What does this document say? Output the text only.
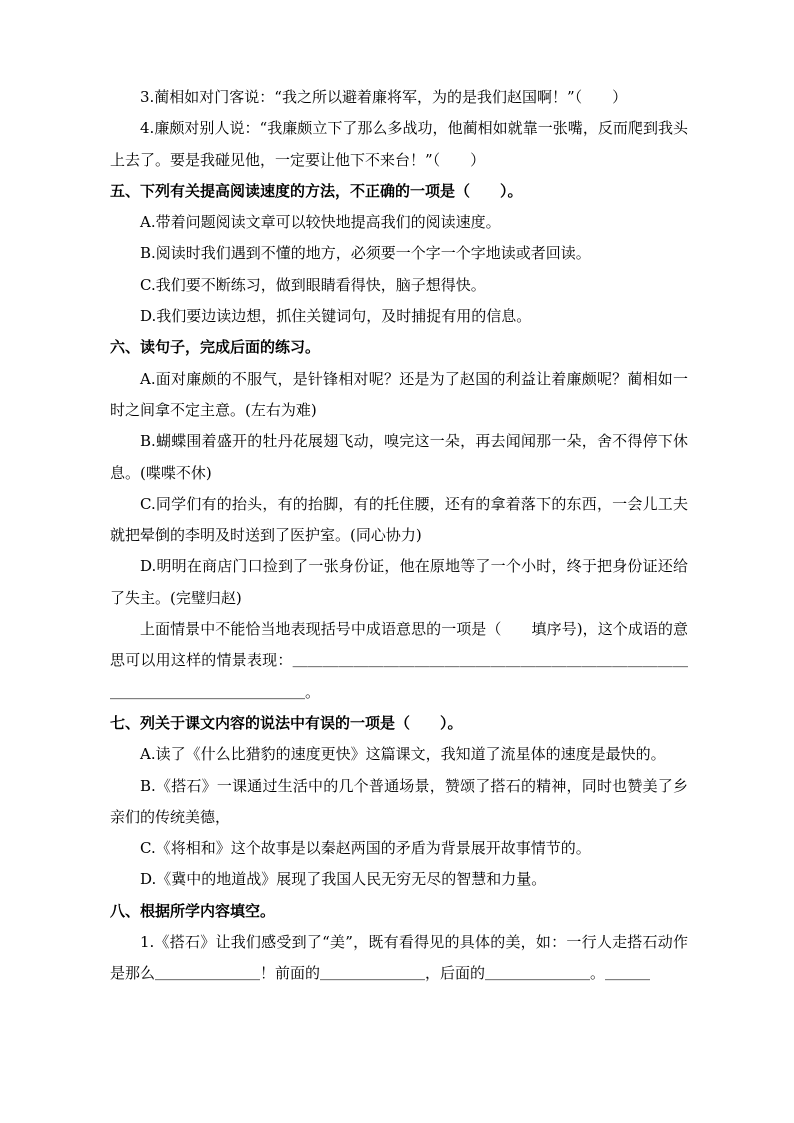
3.蔺相如对门客说：“我之所以避着廉将军，为的是我们赵国啊！”（　　）

4.廉颇对别人说：“我廉颇立下了那么多战功，他蔺相如就靠一张嘴，反而爬到我头上去了。要是我碰见他，一定要让他下不来台！”（　　）

五、下列有关提高阅读速度的方法，不正确的一项是（　　）。

A.带着问题阅读文章可以较快地提高我们的阅读速度。

B.阅读时我们遇到不懂的地方，必须要一个字一个字地读或者回读。

C.我们要不断练习，做到眼睛看得快，脑子想得快。

D.我们要边读边想，抓住关键词句，及时捕捉有用的信息。

六、读句子，完成后面的练习。

A.面对廉颇的不服气，是针锋相对呢？还是为了赵国的利益让着廉颇呢？蔺相如一时之间拿不定主意。(左右为难)

B.蝴蝶围着盛开的牡丹花展翅飞动，嗅完这一朵，再去闻闻那一朵，舍不得停下休息。(喋喋不休)

C.同学们有的抬头，有的抬脚，有的托住腰，还有的拿着落下的东西，一会儿工夫就把晕倒的李明及时送到了医护室。(同心协力)

D.明明在商店门口捡到了一张身份证，他在原地等了一个小时，终于把身份证还给了失主。(完璧归赵)

上面情景中不能恰当地表现括号中成语意思的一项是（　　填序号)，这个成语的意思可以用这样的情景表现：＿＿＿＿＿＿＿＿＿＿＿＿＿＿＿＿＿＿＿＿＿＿＿＿＿＿＿＿＿＿＿＿＿＿＿＿＿＿＿。

七、列关于课文内容的说法中有误的一项是（　　）。

A.读了《什么比猎豹的速度更快》这篇课文，我知道了流星体的速度是最快的。

B.《搭石》一课通过生活中的几个普通场景，赞颂了搭石的精神，同时也赞美了乡亲们的传统美德，

C.《将相和》这个故事是以秦赵两国的矛盾为背景展开故事情节的。

D.《冀中的地道战》展现了我国人民无穷无尽的智慧和力量。

八、根据所学内容填空。

1.《搭石》让我们感受到了“美”，既有看得见的具体的美，如：一行人走搭石动作是那么＿＿＿＿＿＿＿！前面的＿＿＿＿＿＿＿，后面的＿＿＿＿＿＿＿。＿＿＿
